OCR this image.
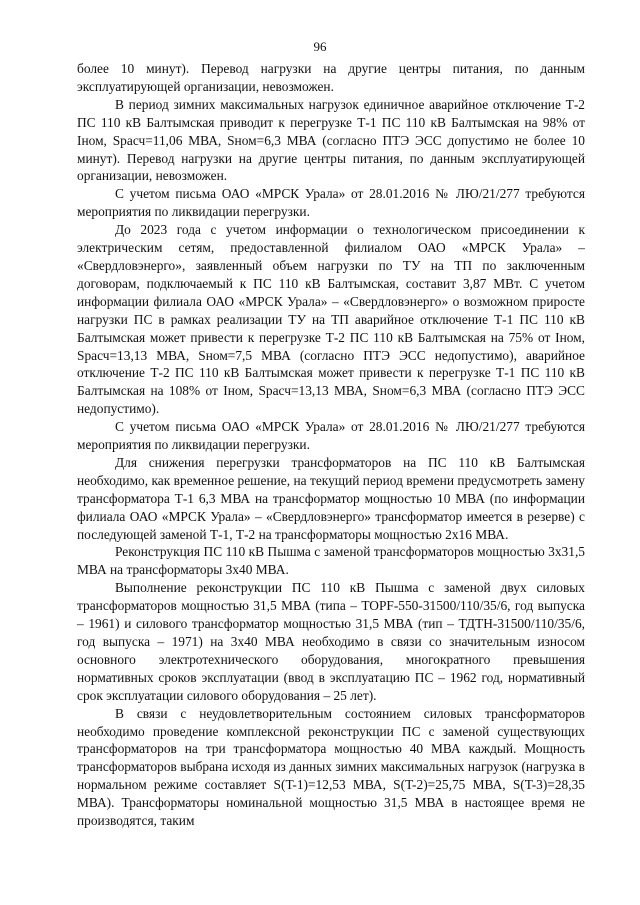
96

более 10 минут). Перевод нагрузки на другие центры питания, по данным эксплуатирующей организации, невозможен.

В период зимних максимальных нагрузок единичное аварийное отключение Т-2 ПС 110 кВ Балтымская приводит к перегрузке Т-1 ПС 110 кВ Балтымская на 98% от Iном, Sрасч=11,06 МВА, Sном=6,3 МВА (согласно ПТЭ ЭСС допустимо не более 10 минут). Перевод нагрузки на другие центры питания, по данным эксплуатирующей организации, невозможен.

С учетом письма ОАО «МРСК Урала» от 28.01.2016 № ЛЮ/21/277 требуются мероприятия по ликвидации перегрузки.

До 2023 года с учетом информации о технологическом присоединении к электрическим сетям, предоставленной филиалом ОАО «МРСК Урала» – «Свердловэнерго», заявленный объем нагрузки по ТУ на ТП по заключенным договорам, подключаемый к ПС 110 кВ Балтымская, составит 3,87 МВт. С учетом информации филиала ОАО «МРСК Урала» – «Свердловэнерго» о возможном приросте нагрузки ПС в рамках реализации ТУ на ТП аварийное отключение Т-1 ПС 110 кВ Балтымская может привести к перегрузке Т-2 ПС 110 кВ Балтымская на 75% от Iном, Sрасч=13,13 МВА, Sном=7,5 МВА (согласно ПТЭ ЭСС недопустимо), аварийное отключение Т-2 ПС 110 кВ Балтымская может привести к перегрузке Т-1 ПС 110 кВ Балтымская на 108% от Iном, Sрасч=13,13 МВА, Sном=6,3 МВА (согласно ПТЭ ЭСС недопустимо).

С учетом письма ОАО «МРСК Урала» от 28.01.2016 № ЛЮ/21/277 требуются мероприятия по ликвидации перегрузки.

Для снижения перегрузки трансформаторов на ПС 110 кВ Балтымская необходимо, как временное решение, на текущий период времени предусмотреть замену трансформатора Т-1 6,3 МВА на трансформатор мощностью 10 МВА (по информации филиала ОАО «МРСК Урала» – «Свердловэнерго» трансформатор имеется в резерве) с последующей заменой Т-1, Т-2 на трансформаторы мощностью 2x16 МВА.

Реконструкция ПС 110 кВ Пышма с заменой трансформаторов мощностью 3x31,5 МВА на трансформаторы 3x40 МВА.

Выполнение реконструкции ПС 110 кВ Пышма с заменой двух силовых трансформаторов мощностью 31,5 МВА (типа – TOPF-550-31500/110/35/6, год выпуска – 1961) и силового трансформатор мощностью 31,5 МВА (тип – ТДТН-31500/110/35/6, год выпуска – 1971) на 3x40 МВА необходимо в связи со значительным износом основного электротехнического оборудования, многократного превышения нормативных сроков эксплуатации (ввод в эксплуатацию ПС – 1962 год, нормативный срок эксплуатации силового оборудования – 25 лет).

В связи с неудовлетворительным состоянием силовых трансформаторов необходимо проведение комплексной реконструкции ПС с заменой существующих трансформаторов на три трансформатора мощностью 40 МВА каждый. Мощность трансформаторов выбрана исходя из данных зимних максимальных нагрузок (нагрузка в нормальном режиме составляет S(T-1)=12,53 МВА, S(T-2)=25,75 МВА, S(T-3)=28,35 МВА). Трансформаторы номинальной мощностью 31,5 МВА в настоящее время не производятся, таким
